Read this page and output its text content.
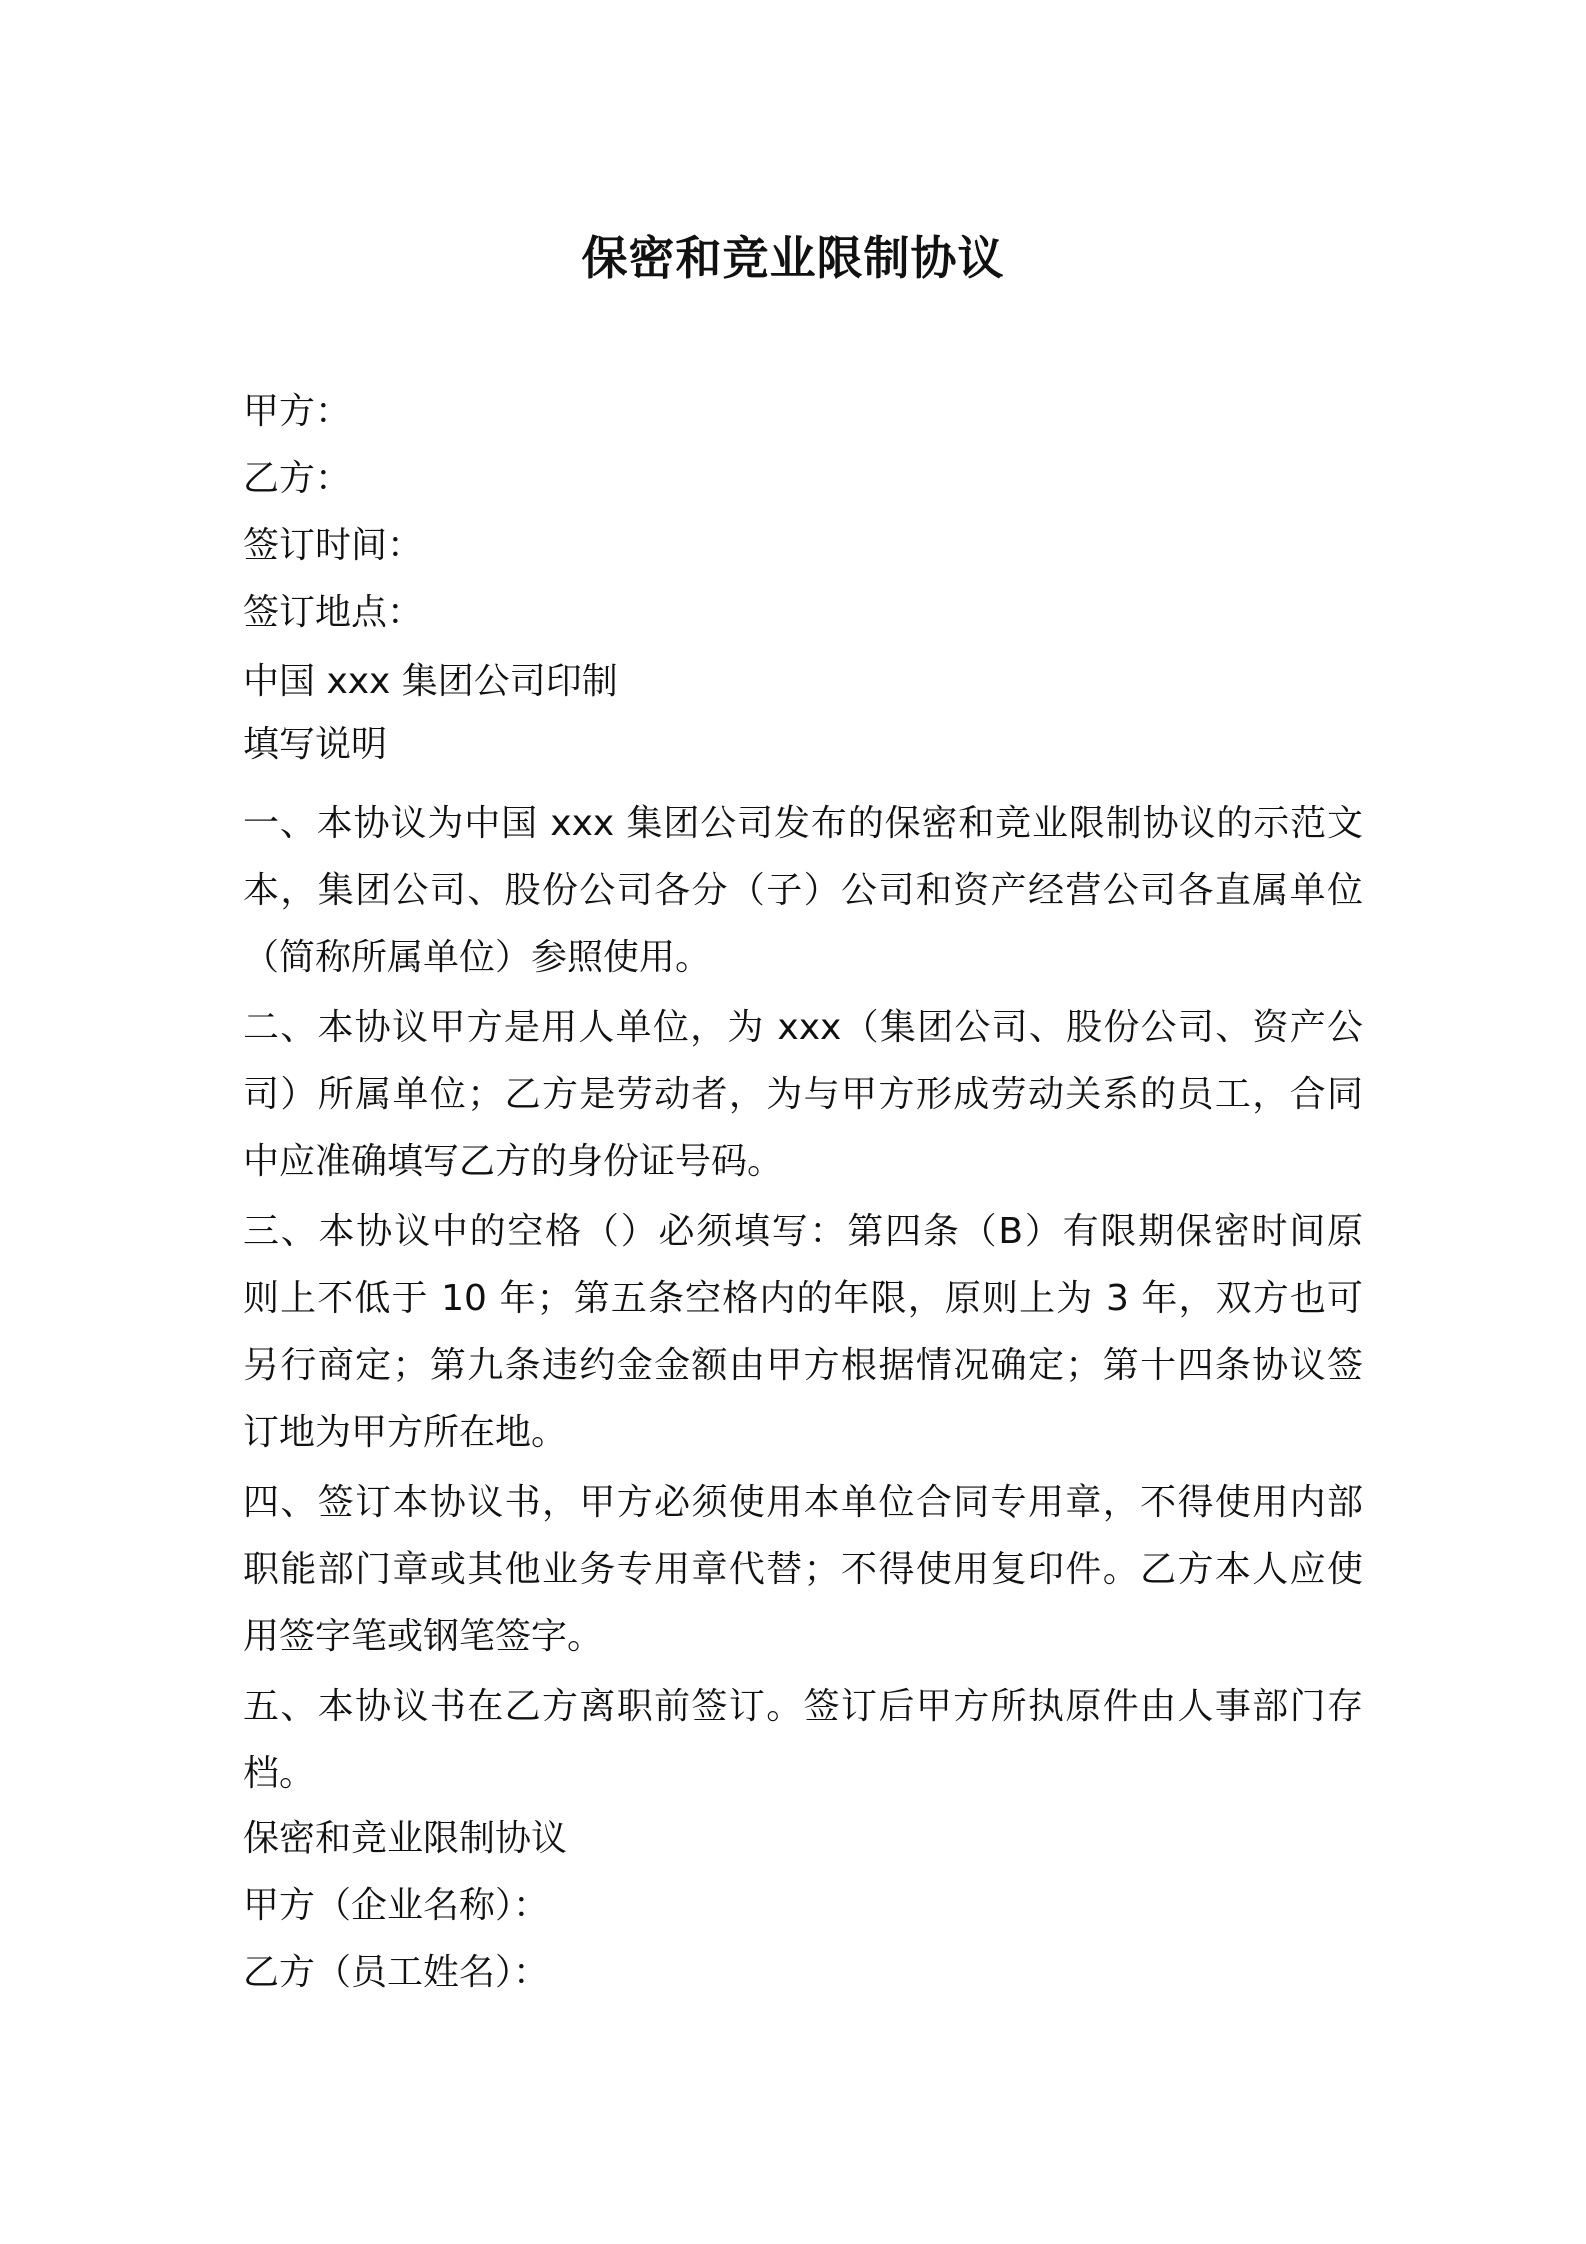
保密和竞业限制协议
甲方：
乙方：
签订时间：
签订地点：
中国 xxx 集团公司印制
填写说明
一、本协议为中国 xxx 集团公司发布的保密和竞业限制协议的示范文
本，集团公司、股份公司各分（子）公司和资产经营公司各直属单位
（简称所属单位）参照使用。
二、本协议甲方是用人单位，为 xxx（集团公司、股份公司、资产公
司）所属单位；乙方是劳动者，为与甲方形成劳动关系的员工，合同
中应准确填写乙方的身份证号码。
三、本协议中的空格（）必须填写：第四条（B）有限期保密时间原
则上不低于 10 年；第五条空格内的年限，原则上为 3 年，双方也可
另行商定；第九条违约金金额由甲方根据情况确定；第十四条协议签
订地为甲方所在地。
四、签订本协议书，甲方必须使用本单位合同专用章，不得使用内部
职能部门章或其他业务专用章代替；不得使用复印件。乙方本人应使
用签字笔或钢笔签字。
五、本协议书在乙方离职前签订。签订后甲方所执原件由人事部门存
档。
保密和竞业限制协议
甲方（企业名称）：
乙方（员工姓名）：
